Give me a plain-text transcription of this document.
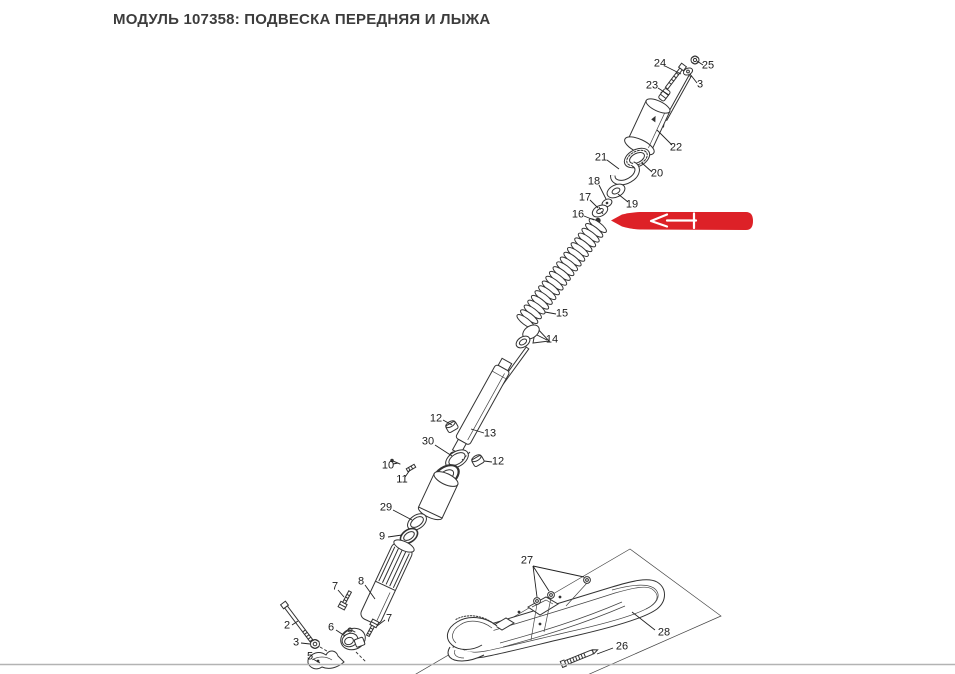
МОДУЛЬ 107358: ПОДВЕСКА ПЕРЕДНЯЯ И ЛЫЖА
24	25
23	3
22
21
20
18
17
19
16
15
14
12
13
30
12
10
11
29
9
8
7
2
3
6
7
5
27
28
26
